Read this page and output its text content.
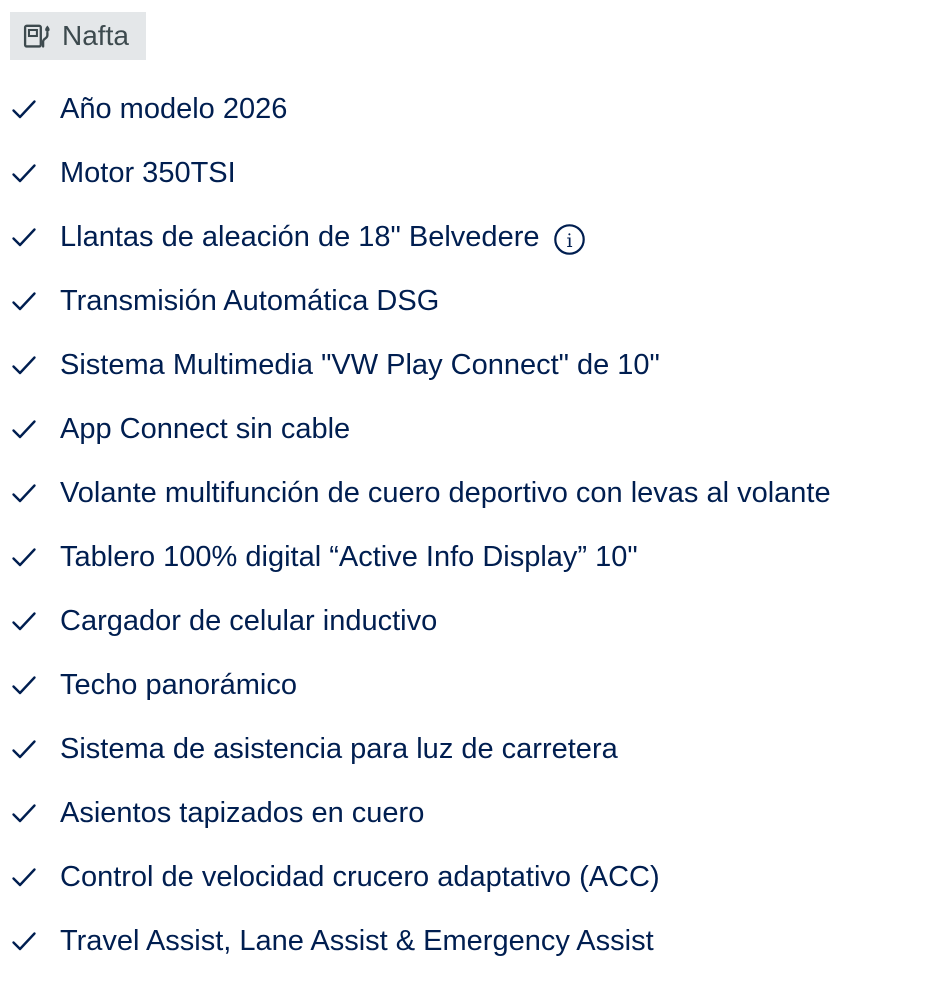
Nafta
Año modelo 2026
Motor 350TSI
Llantas de aleación de 18" Belvedere i
Transmisión Automática DSG
Sistema Multimedia "VW Play Connect" de 10"
App Connect sin cable
Volante multifunción de cuero deportivo con levas al volante
Tablero 100% digital “Active Info Display” 10"
Cargador de celular inductivo
Techo panorámico
Sistema de asistencia para luz de carretera
Asientos tapizados en cuero
Control de velocidad crucero adaptativo (ACC)
Travel Assist, Lane Assist & Emergency Assist
